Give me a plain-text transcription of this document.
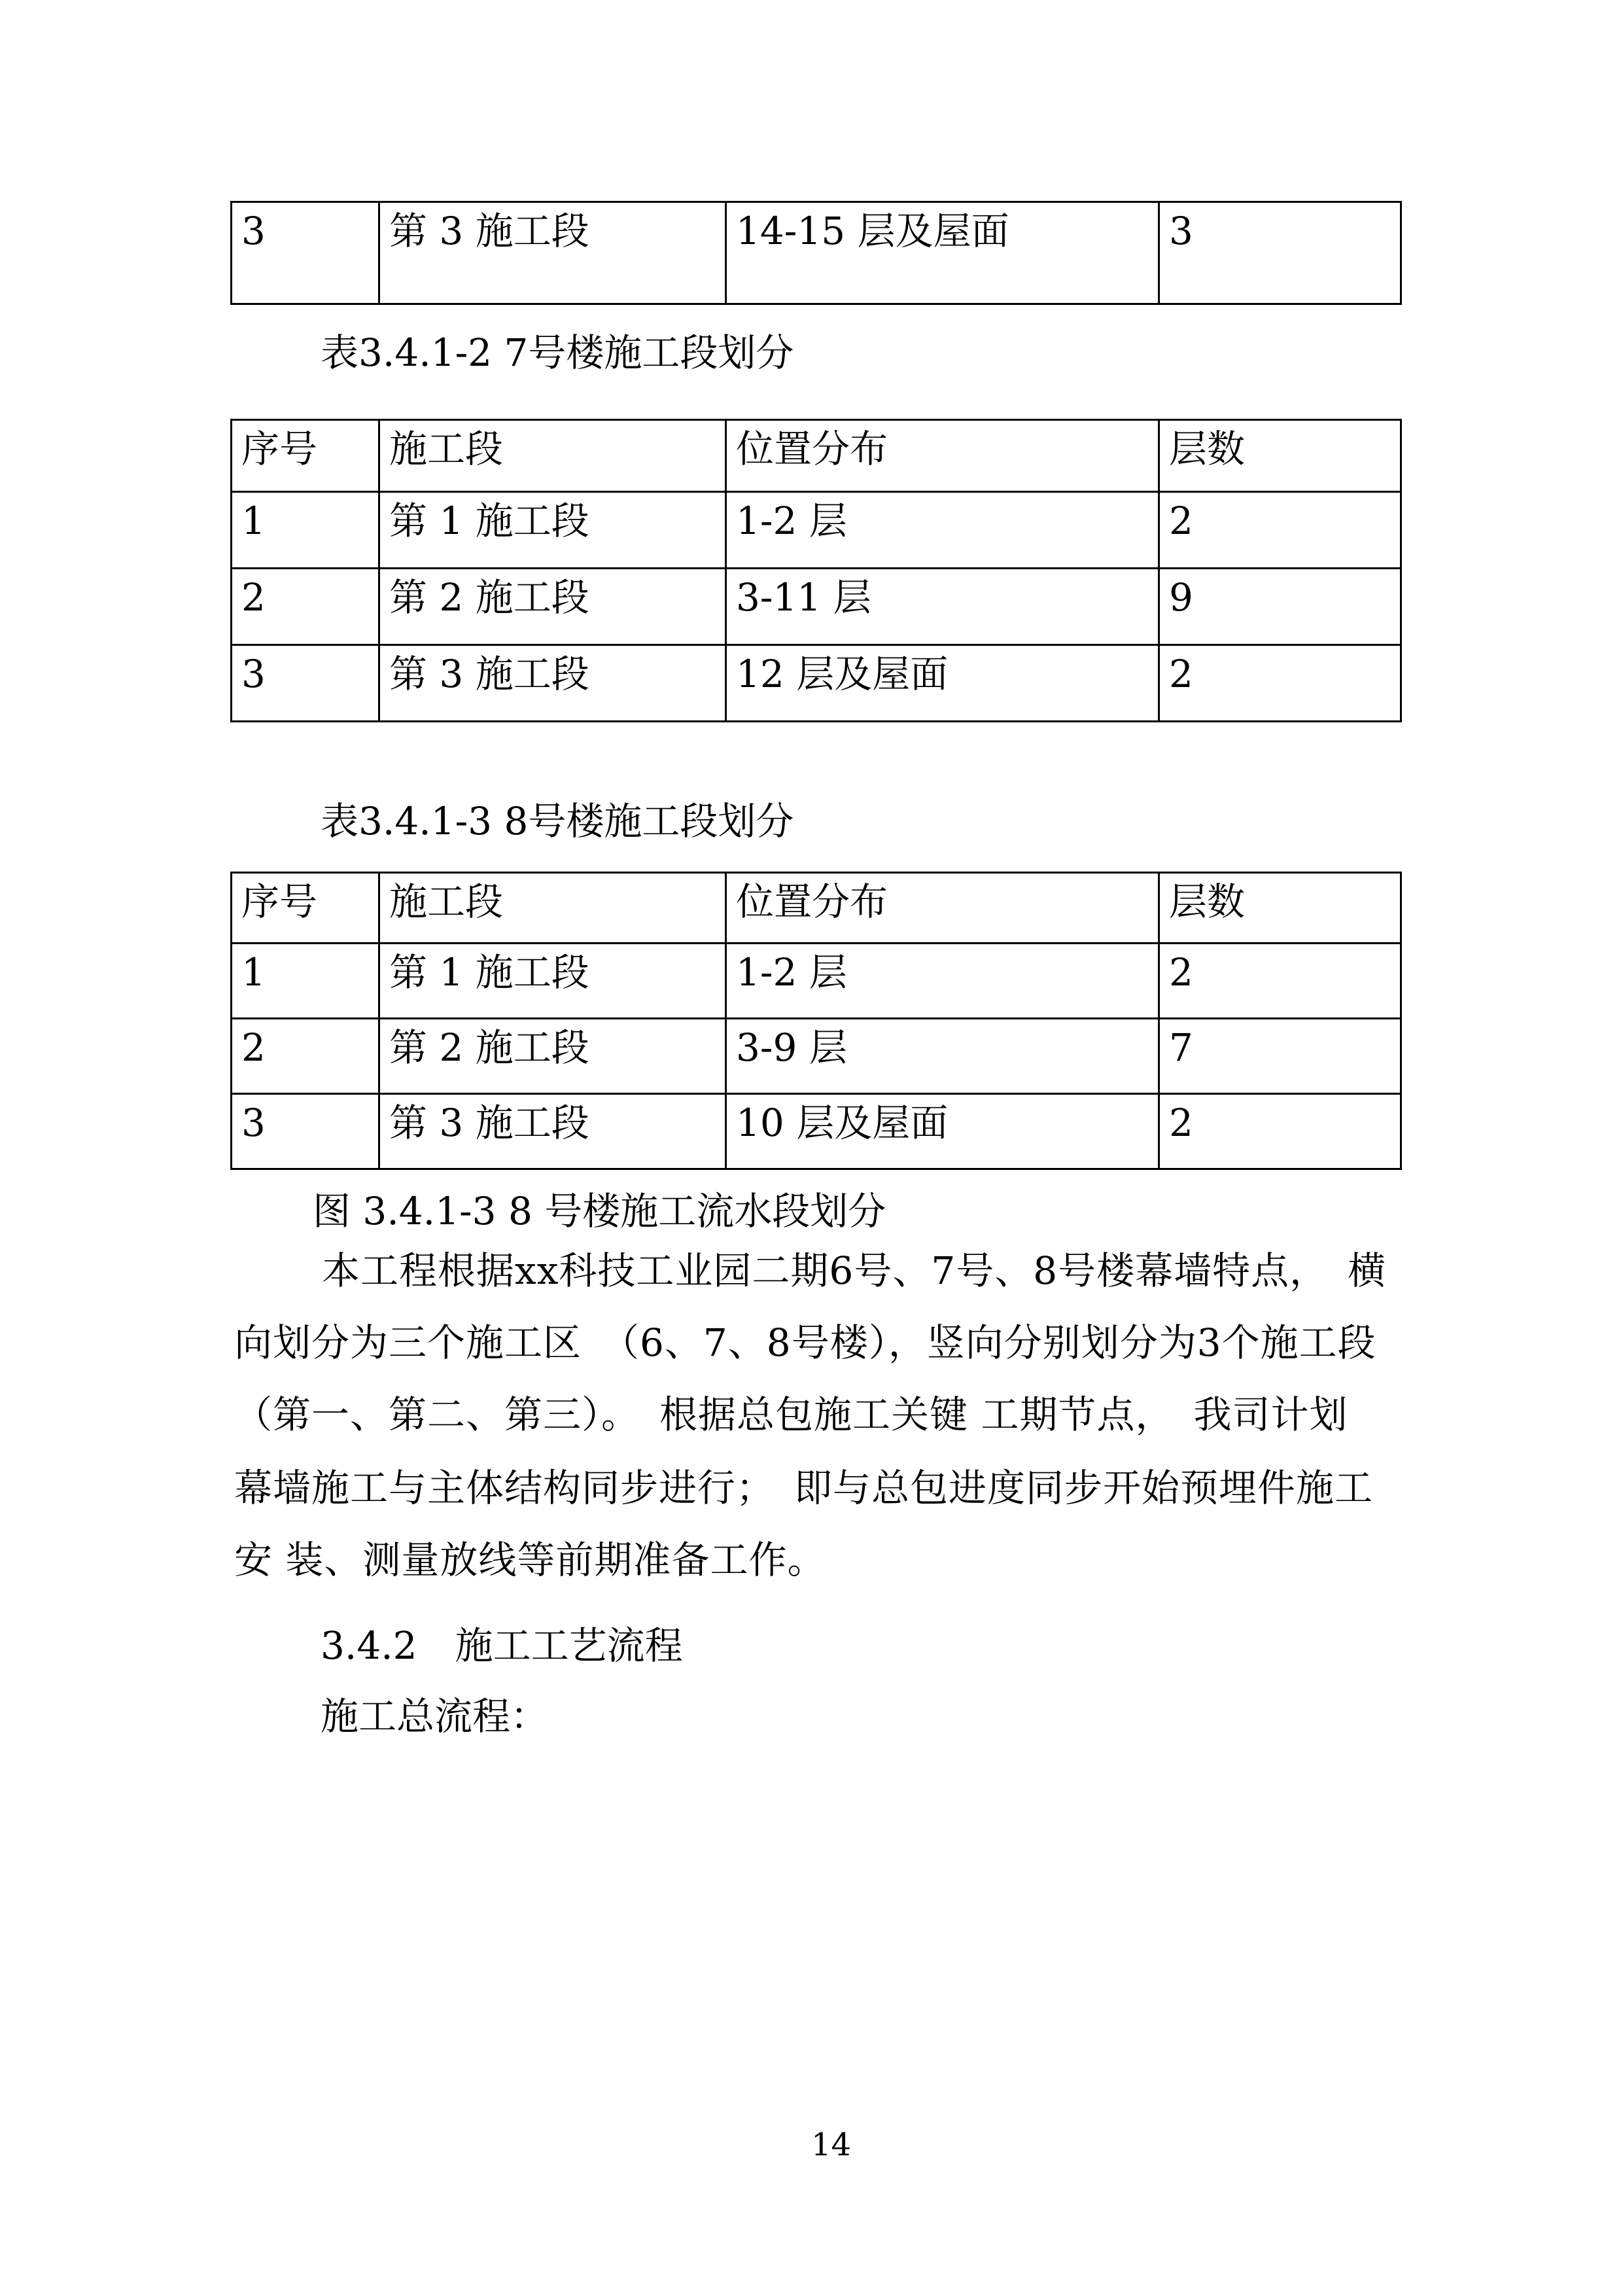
3	第 3 施工段	14-15 层及屋面	3
表3.4.1-2 7号楼施工段划分
序号	施工段	位置分布	层数
1	第 1 施工段	1-2 层	2
2	第 2 施工段	3-11 层	9
3	第 3 施工段	12 层及屋面	2
表3.4.1-3 8号楼施工段划分
序号	施工段	位置分布	层数
1	第 1 施工段	1-2 层	2
2	第 2 施工段	3-9 层	7
3	第 3 施工段	10 层及屋面	2
图 3.4.1-3 8 号楼施工流水段划分
本工程根据xx科技工业园二期6号、7号、8号楼幕墙特点，　横
向划分为三个施工区　（6、7、8号楼），竖向分别划分为3个施工段
（第一、第二、第三）。　根据总包施工关键 工期节点，　我司计划
幕墙施工与主体结构同步进行；　即与总包进度同步开始预埋件施工
安 装、测量放线等前期准备工作。
3.4.2　施工工艺流程
施工总流程：
14
